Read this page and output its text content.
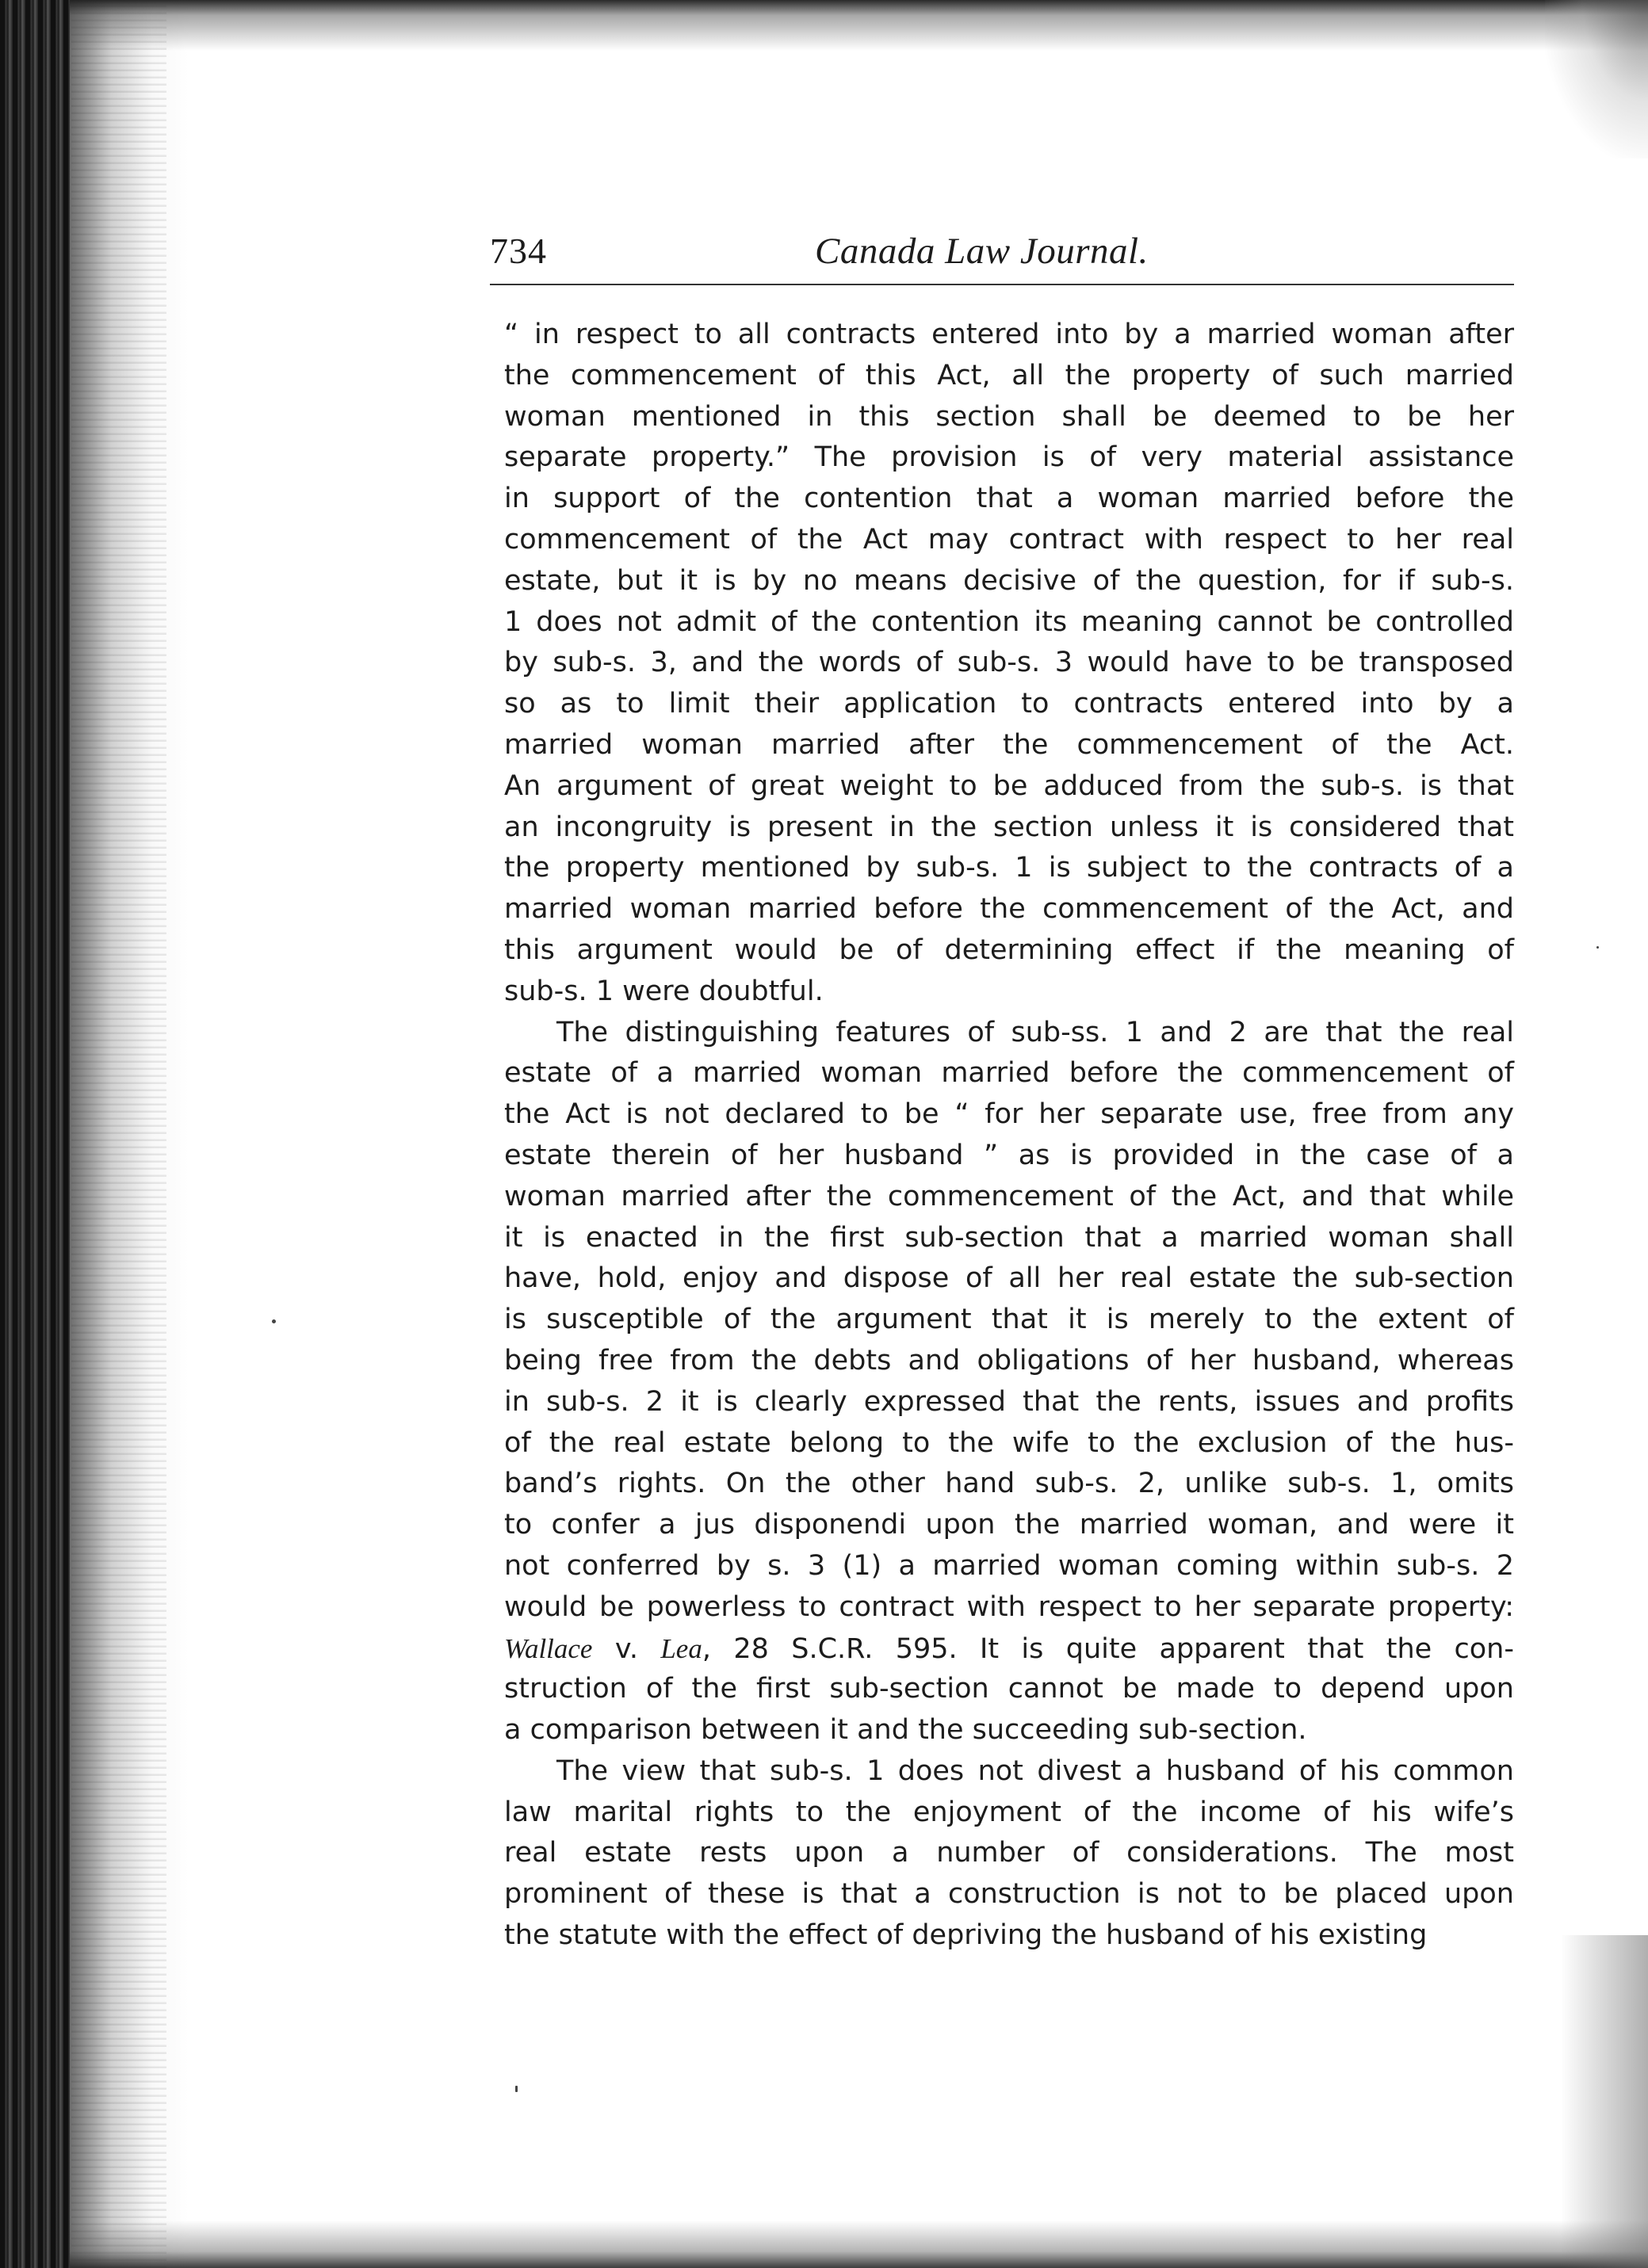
734	Canada Law Journal.
“ in respect to all contracts entered into by a married woman after
the commencement of this Act, all the property of such married
woman mentioned in this section shall be deemed to be her
separate property.” The provision is of very material assistance
in support of the contention that a woman married before the
commencement of the Act may contract with respect to her real
estate, but it is by no means decisive of the question, for if sub-s.
1 does not admit of the contention its meaning cannot be controlled
by sub-s. 3, and the words of sub-s. 3 would have to be transposed
so as to limit their application to contracts entered into by a
married woman married after the commencement of the Act.
An argument of great weight to be adduced from the sub-s. is that
an incongruity is present in the section unless it is considered that
the property mentioned by sub-s. 1 is subject to the contracts of a
married woman married before the commencement of the Act, and
this argument would be of determining effect if the meaning of
sub-s. 1 were doubtful.
The distinguishing features of sub-ss. 1 and 2 are that the real
estate of a married woman married before the commencement of
the Act is not declared to be “ for her separate use, free from any
estate therein of her husband ” as is provided in the case of a
woman married after the commencement of the Act, and that while
it is enacted in the first sub-section that a married woman shall
have, hold, enjoy and dispose of all her real estate the sub-section
is susceptible of the argument that it is merely to the extent of
being free from the debts and obligations of her husband, whereas
in sub-s. 2 it is clearly expressed that the rents, issues and profits
of the real estate belong to the wife to the exclusion of the hus-
band’s rights. On the other hand sub-s. 2, unlike sub-s. 1, omits
to confer a jus disponendi upon the married woman, and were it
not conferred by s. 3 (1) a married woman coming within sub-s. 2
would be powerless to contract with respect to her separate property:
Wallace v. Lea, 28 S.C.R. 595. It is quite apparent that the con-
struction of the first sub-section cannot be made to depend upon
a comparison between it and the succeeding sub-section.
The view that sub-s. 1 does not divest a husband of his common
law marital rights to the enjoyment of the income of his wife’s
real estate rests upon a number of considerations. The most
prominent of these is that a construction is not to be placed upon
the statute with the effect of depriving the husband of his existing
